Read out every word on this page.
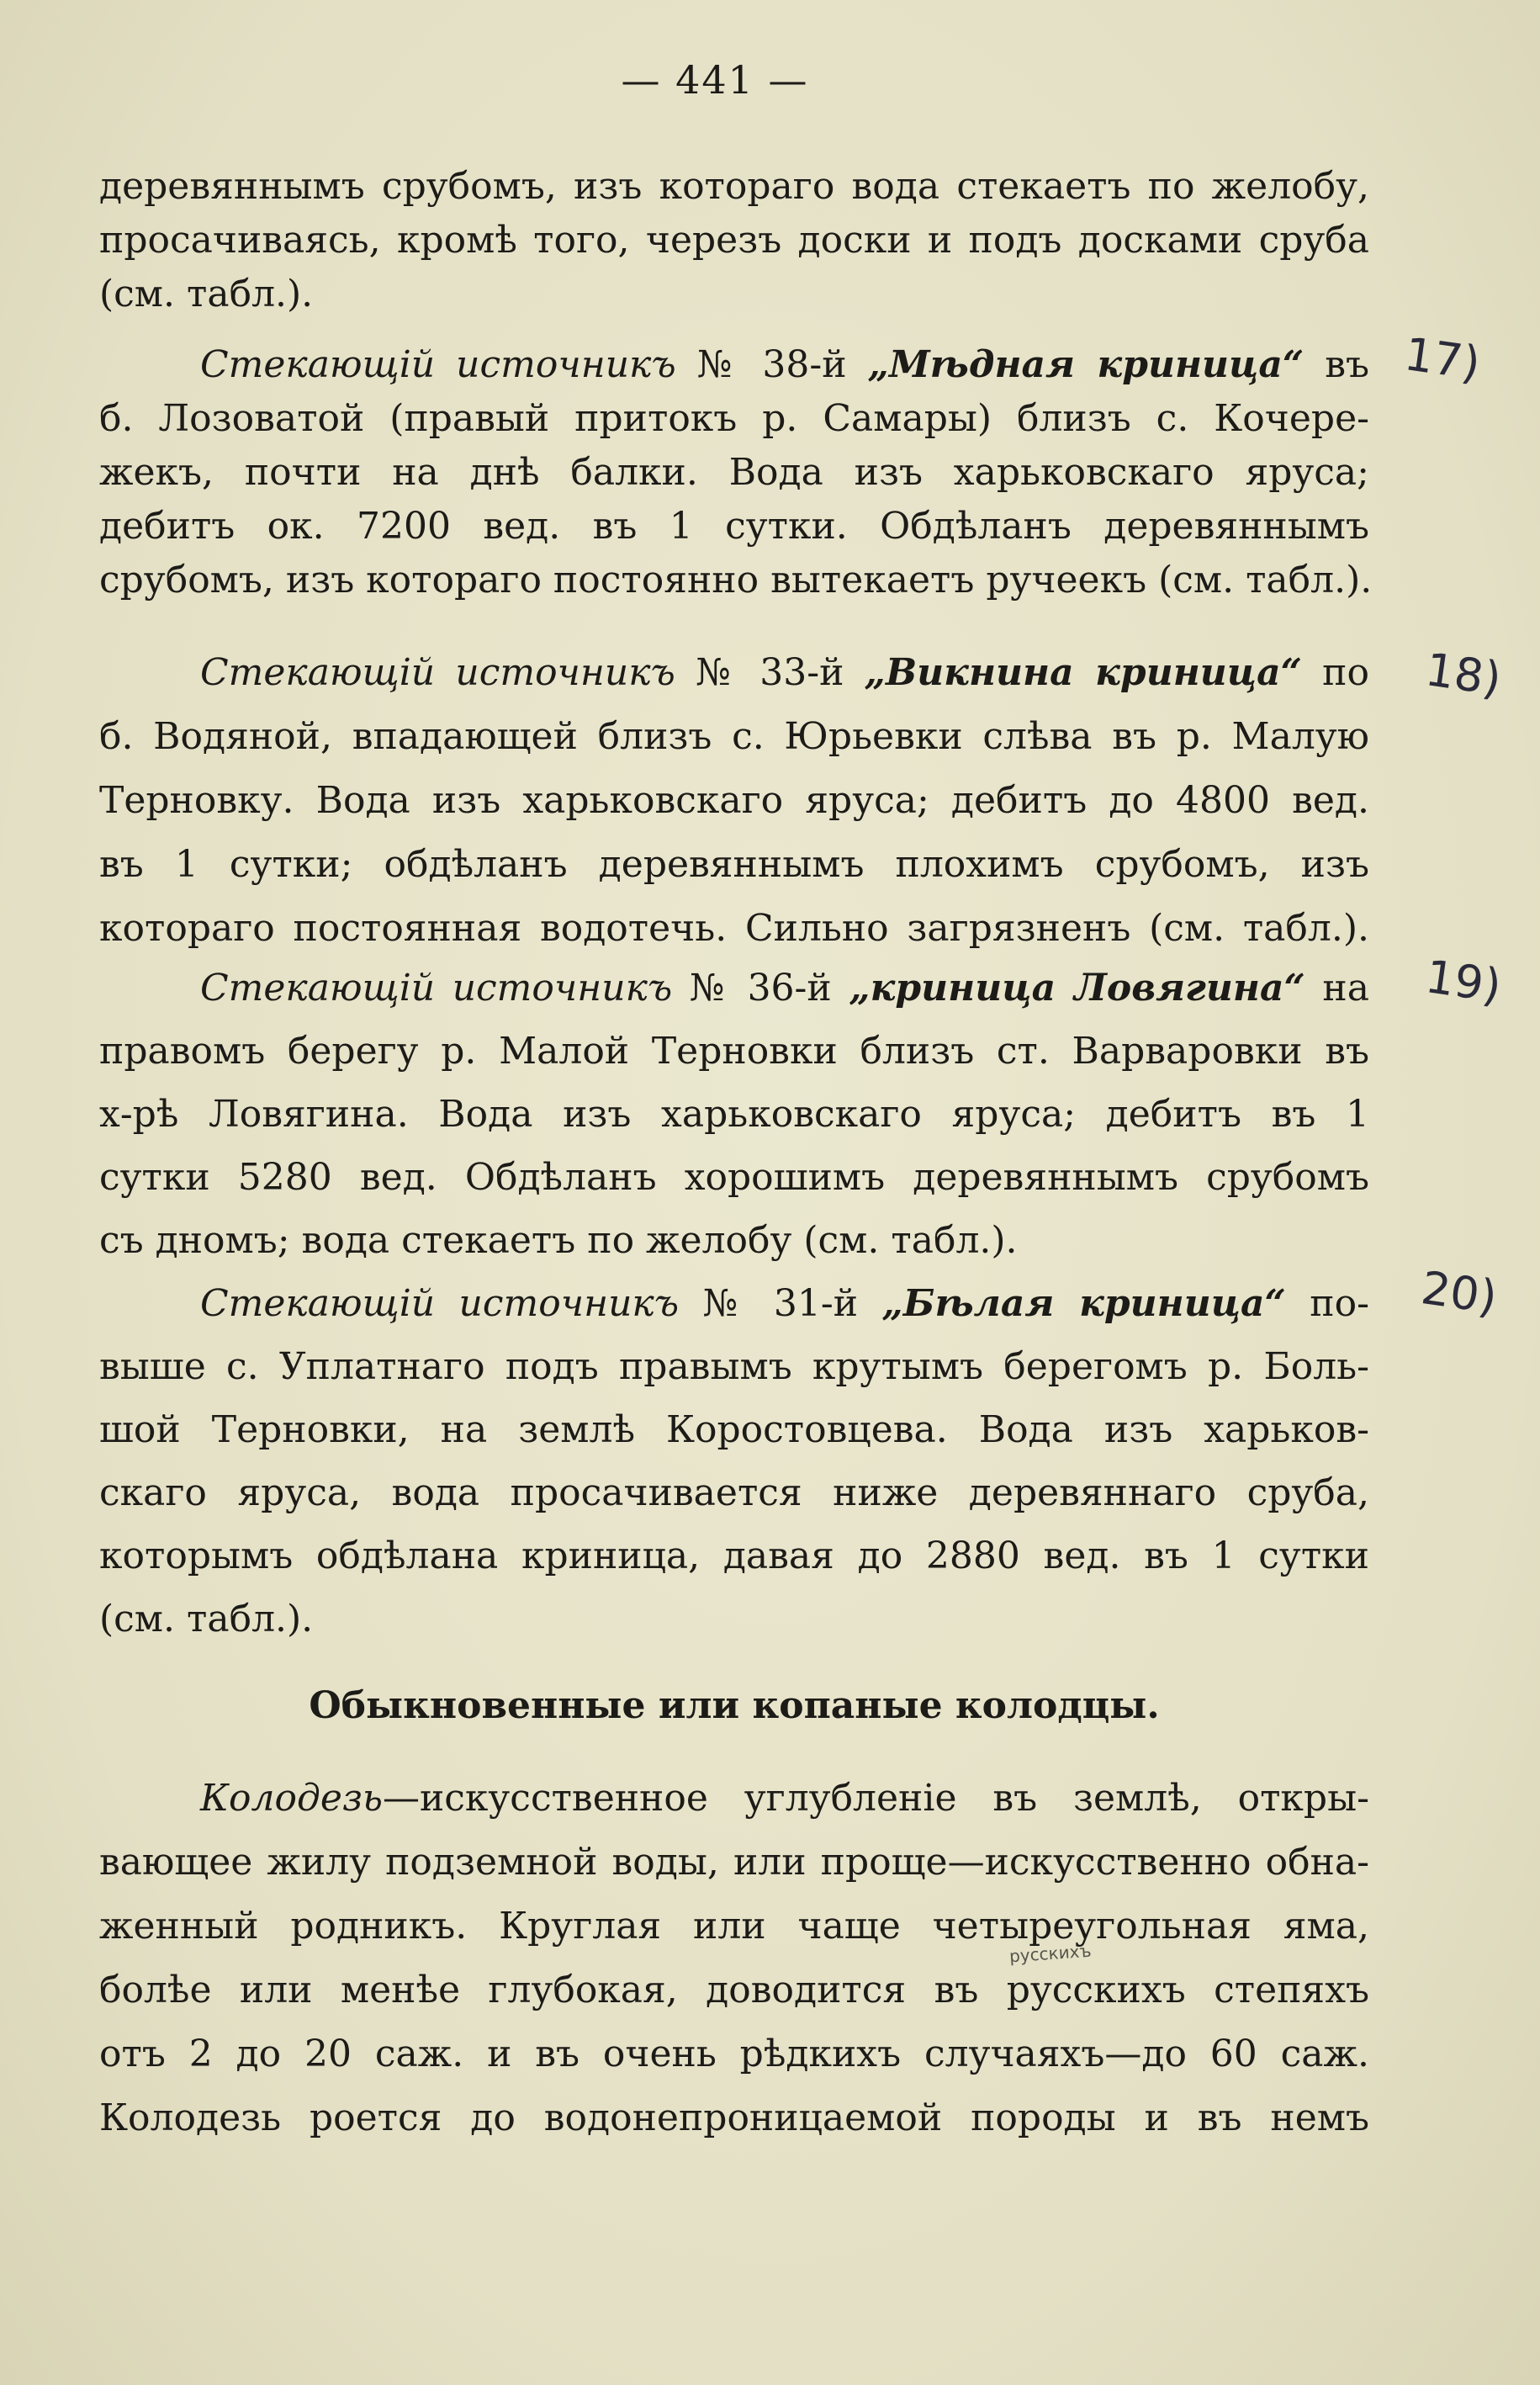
— 441 —
деревяннымъ срубомъ, изъ котораго вода стекаетъ по желобу,
просачиваясь, кромѣ того, черезъ доски и подъ досками сруба
(см. табл.).
Стекающій источникъ № 38-й „Мѣдная криница“ въ
б. Лозоватой (правый притокъ р. Самары) близъ с. Кочере-
жекъ, почти на днѣ балки. Вода изъ харьковскаго яруса;
дебитъ ок. 7200 вед. въ 1 сутки. Обдѣланъ деревяннымъ
срубомъ, изъ котораго постоянно вытекаетъ ручеекъ (см. табл.).
Стекающій источникъ № 33-й „Викнина криница“ по
б. Водяной, впадающей близъ с. Юрьевки слѣва въ р. Малую
Терновку. Вода изъ харьковскаго яруса; дебитъ до 4800 вед.
въ 1 сутки; обдѣланъ деревяннымъ плохимъ срубомъ, изъ
котораго постоянная водотечь. Сильно загрязненъ (см. табл.).
Стекающій источникъ № 36-й „криница Ловягина“ на
правомъ берегу р. Малой Терновки близъ ст. Варваровки въ
х-рѣ Ловягина. Вода изъ харьковскаго яруса; дебитъ въ 1
сутки 5280 вед. Обдѣланъ хорошимъ деревяннымъ срубомъ
съ дномъ; вода стекаетъ по желобу (см. табл.).
Стекающій источникъ № 31-й „Бѣлая криница“ по-
выше с. Уплатнаго подъ правымъ крутымъ берегомъ р. Боль-
шой Терновки, на землѣ Коростовцева. Вода изъ харьков-
скаго яруса, вода просачивается ниже деревяннаго сруба,
которымъ обдѣлана криница, давая до 2880 вед. въ 1 сутки
(см. табл.).
Колодезь—искусственное углубленіе въ землѣ, откры-
вающее жилу подземной воды, или проще—искусственно обна-
женный родникъ. Круглая или чаще четыреугольная яма,
болѣе или менѣе глубокая, доводится въ русскихъ степяхъ
отъ 2 до 20 саж. и въ очень рѣдкихъ случаяхъ—до 60 саж.
Колодезь роется до водонепроницаемой породы и въ немъ
Обыкновенные или копаные колодцы.
17)
18)
19)
20)
русскихъ
